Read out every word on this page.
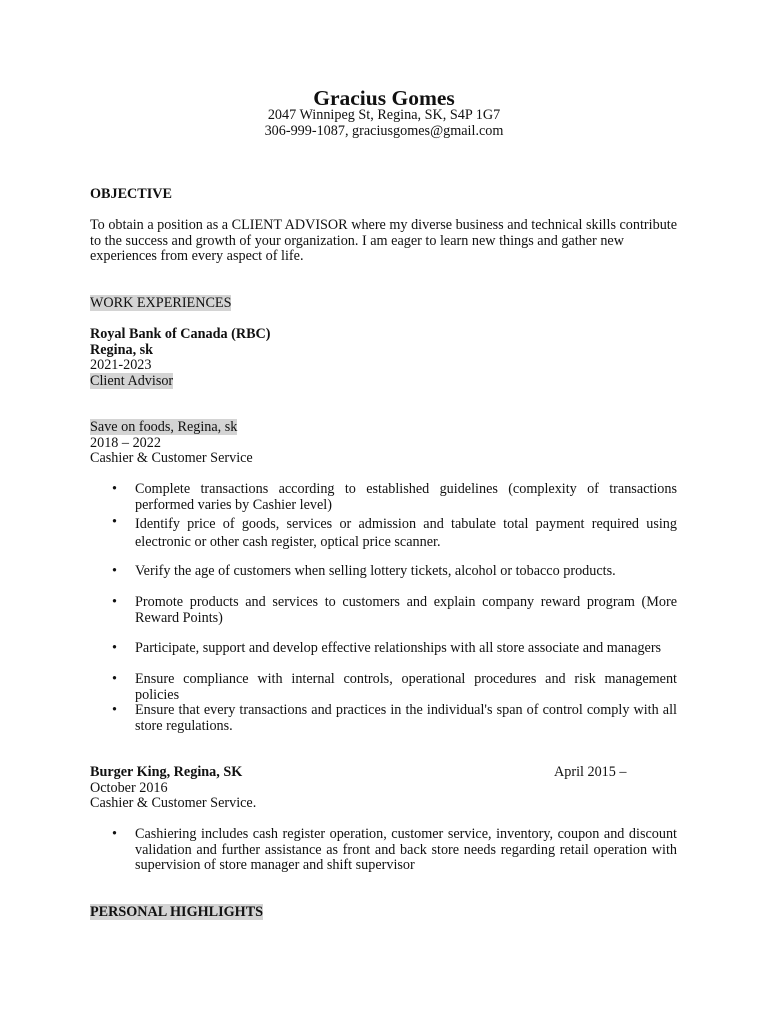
Gracius Gomes
2047 Winnipeg St, Regina, SK, S4P 1G7
306-999-1087, graciusgomes@gmail.com
OBJECTIVE
To obtain a position as a CLIENT ADVISOR where my diverse business and technical skills contribute to the success and growth of your organization. I am eager to learn new things and gather new experiences from every aspect of life.
WORK EXPERIENCES
Royal Bank of Canada (RBC)
Regina, sk
2021-2023
Client Advisor
Save on foods, Regina, sk
2018 – 2022
Cashier & Customer Service
• Complete transactions according to established guidelines (complexity of transactions performed varies by Cashier level)
• Identify price of goods, services or admission and tabulate total payment required using electronic or other cash register, optical price scanner.
• Verify the age of customers when selling lottery tickets, alcohol or tobacco products.
• Promote products and services to customers and explain company reward program (More Reward Points)
• Participate, support and develop effective relationships with all store associate and managers
• Ensure compliance with internal controls, operational procedures and risk management policies
• Ensure that every transactions and practices in the individual's span of control comply with all store regulations.
Burger King, Regina, SK	April 2015 –
October 2016
Cashier & Customer Service.
• Cashiering includes cash register operation, customer service, inventory, coupon and discount validation and further assistance as front and back store needs regarding retail operation with supervision of store manager and shift supervisor
PERSONAL HIGHLIGHTS
